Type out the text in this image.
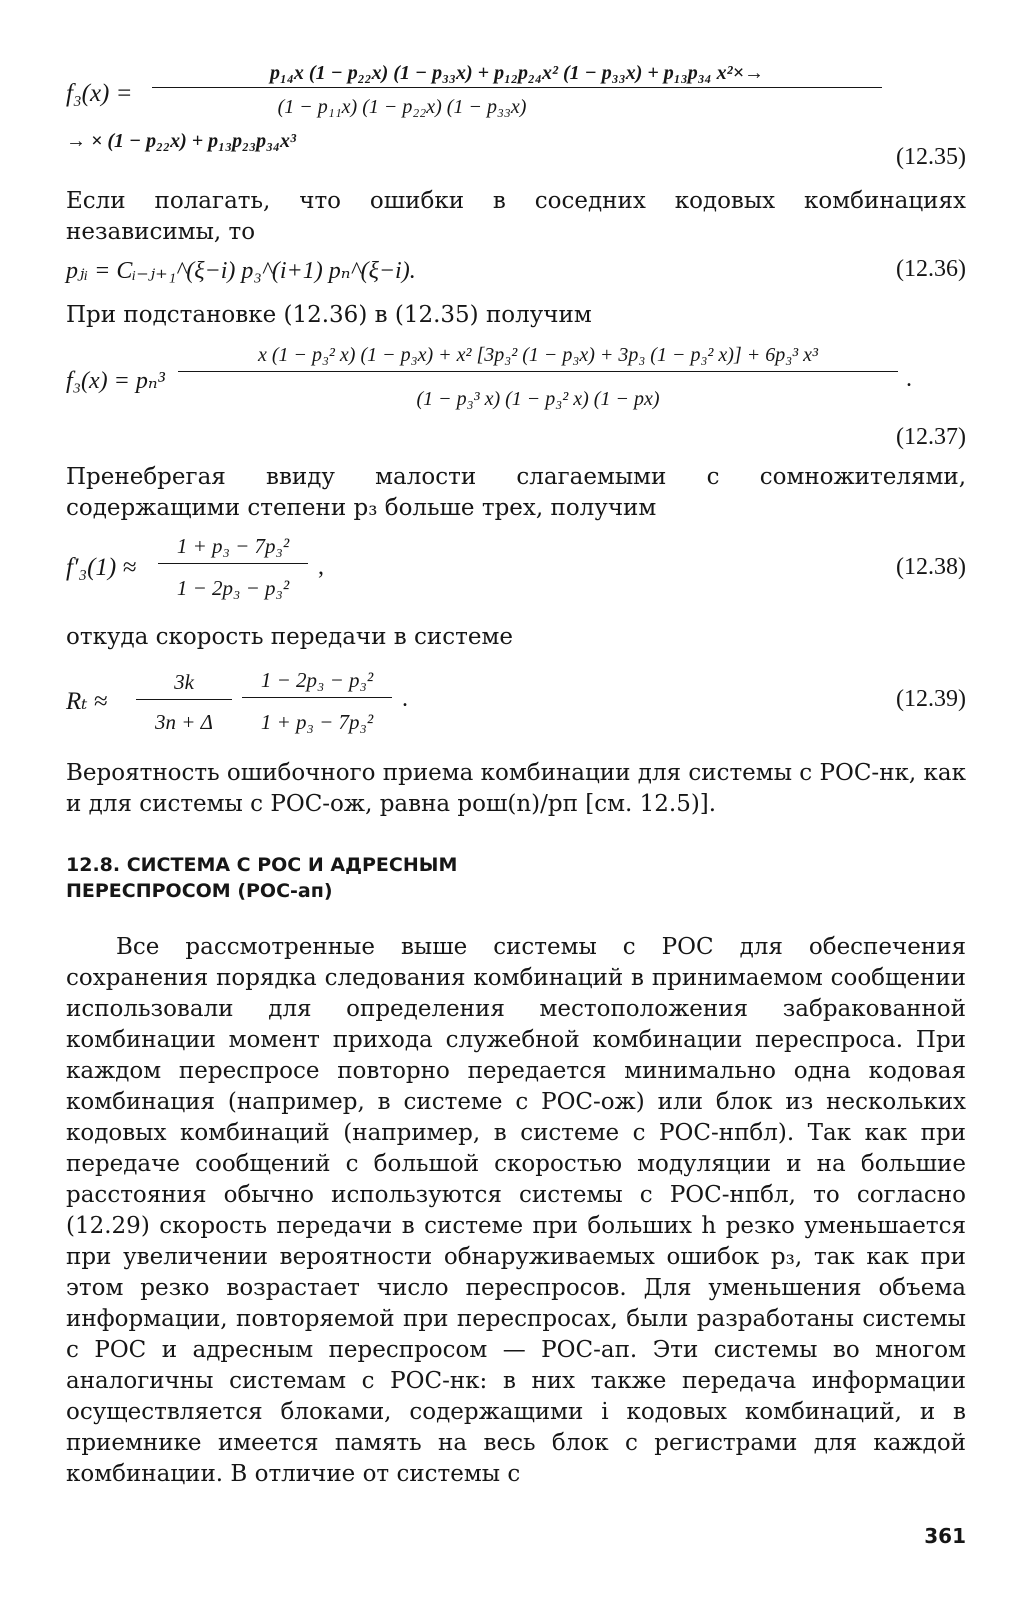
f₃(x) =
p₁₄x (1 − p₂₂x) (1 − p₃₃x) + p₁₂p₂₄x² (1 − p₃₃x) + p₁₃p₃₄ x²×→
(1 − p₁₁x) (1 − p₂₂x) (1 − p₃₃x)
→ × (1 − p₂₂x) + p₁₃p₂₃p₃₄x³
(12.35)

Если полагать, что ошибки в соседних кодовых комбинациях независимы, то

pⱼᵢ = Cᵢ₋ⱼ₊₁^(ξ−i) p₃^(i+1) pₙ^(ξ−i).	(12.36)

При подстановке (12.36) в (12.35) получим

f₃(x) = pₙ³
x (1 − p₃² x) (1 − p₃x) + x² [3p₃² (1 − p₃x) + 3p₃ (1 − p₃² x)] + 6p₃³ x³
(1 − p₃³ x) (1 − p₃² x) (1 − px)
.
(12.37)

Пренебрегая ввиду малости слагаемыми с сомножителями, содержащими степени p₃ больше трех, получим

f′₃(1) ≈
1 + p₃ − 7p₃²
1 − 2p₃ − p₃²
,	(12.38)

откуда скорость передачи в системе

Rₜ ≈
3k
3n + Δ
1 − 2p₃ − p₃²
1 + p₃ − 7p₃²
.	(12.39)

Вероятность ошибочного приема комбинации для системы с РОС-нк, как и для системы с РОС-ож, равна pош(n)/pп [см. 12.5)].

12.8. СИСТЕМА С РОС И АДРЕСНЫМ
ПЕРЕСПРОСОМ (РОС-ап)

Все рассмотренные выше системы с РОС для обеспечения сохранения порядка следования комбинаций в принимаемом сообщении использовали для определения местоположения забракованной комбинации момент прихода служебной комбинации переспроса. При каждом переспросе повторно передается минимально одна кодовая комбинация (например, в системе с РОС-ож) или блок из нескольких кодовых комбинаций (например, в системе с РОС-нпбл). Так как при передаче сообщений с большой скоростью модуляции и на большие расстояния обычно используются системы с РОС-нпбл, то согласно (12.29) скорость передачи в системе при больших h резко уменьшается при увеличении вероятности обнаруживаемых ошибок p₃, так как при этом резко возрастает число переспросов. Для уменьшения объема информации, повторяемой при переспросах, были разработаны системы с РОС и адресным переспросом — РОС-ап. Эти системы во многом аналогичны системам с РОС-нк: в них также передача информации осуществляется блоками, содержащими i кодовых комбинаций, и в приемнике имеется память на весь блок с регистрами для каждой комбинации. В отличие от системы с

361
